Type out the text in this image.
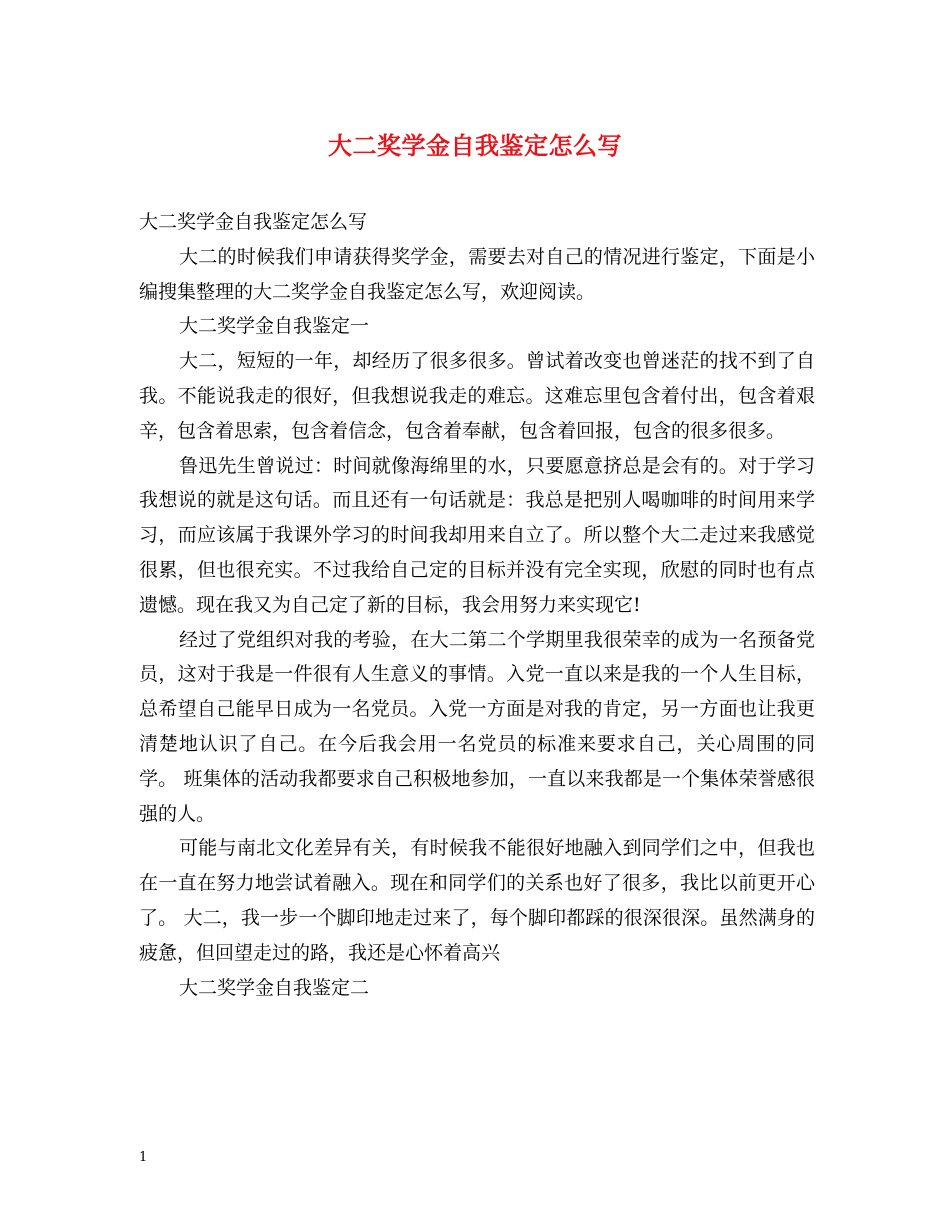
大二奖学金自我鉴定怎么写

大二奖学金自我鉴定怎么写

大二的时候我们申请获得奖学金，需要去对自己的情况进行鉴定，下面是小编搜集整理的大二奖学金自我鉴定怎么写，欢迎阅读。

大二奖学金自我鉴定一

大二，短短的一年，却经历了很多很多。曾试着改变也曾迷茫的找不到了自我。不能说我走的很好，但我想说我走的难忘。这难忘里包含着付出，包含着艰辛，包含着思索，包含着信念，包含着奉献，包含着回报，包含的很多很多。

鲁迅先生曾说过：时间就像海绵里的水，只要愿意挤总是会有的。对于学习我想说的就是这句话。而且还有一句话就是：我总是把别人喝咖啡的时间用来学习，而应该属于我课外学习的时间我却用来自立了。所以整个大二走过来我感觉很累，但也很充实。不过我给自己定的目标并没有完全实现，欣慰的同时也有点遗憾。现在我又为自己定了新的目标，我会用努力来实现它!

经过了党组织对我的考验，在大二第二个学期里我很荣幸的成为一名预备党员，这对于我是一件很有人生意义的事情。入党一直以来是我的一个人生目标，总希望自己能早日成为一名党员。入党一方面是对我的肯定，另一方面也让我更清楚地认识了自己。在今后我会用一名党员的标准来要求自己，关心周围的同学。 班集体的活动我都要求自己积极地参加，一直以来我都是一个集体荣誉感很强的人。

可能与南北文化差异有关，有时候我不能很好地融入到同学们之中，但我也在一直在努力地尝试着融入。现在和同学们的关系也好了很多，我比以前更开心了。 大二，我一步一个脚印地走过来了，每个脚印都踩的很深很深。虽然满身的疲惫，但回望走过的路，我还是心怀着高兴

大二奖学金自我鉴定二

1
